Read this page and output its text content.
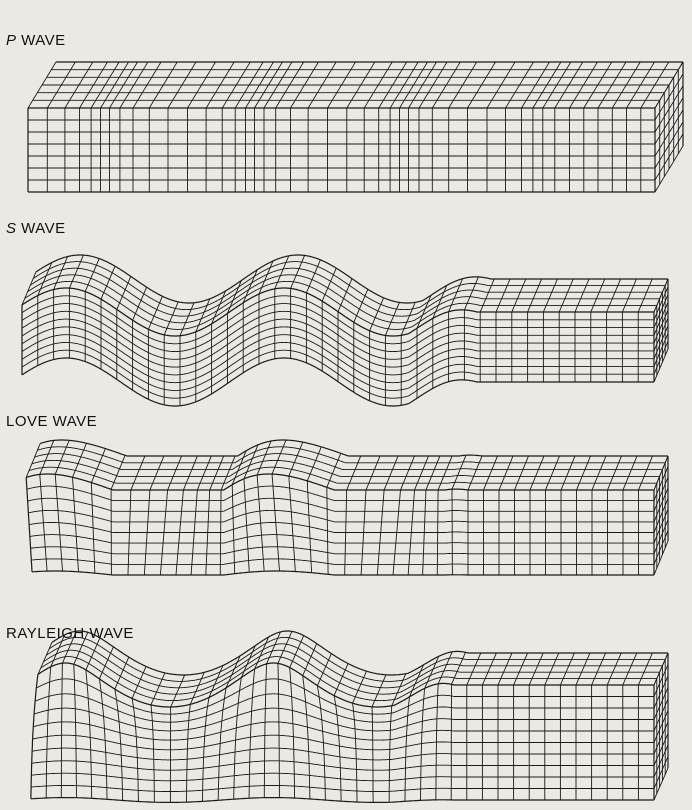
P WAVE
S WAVE
LOVE WAVE
RAYLEIGH WAVE
